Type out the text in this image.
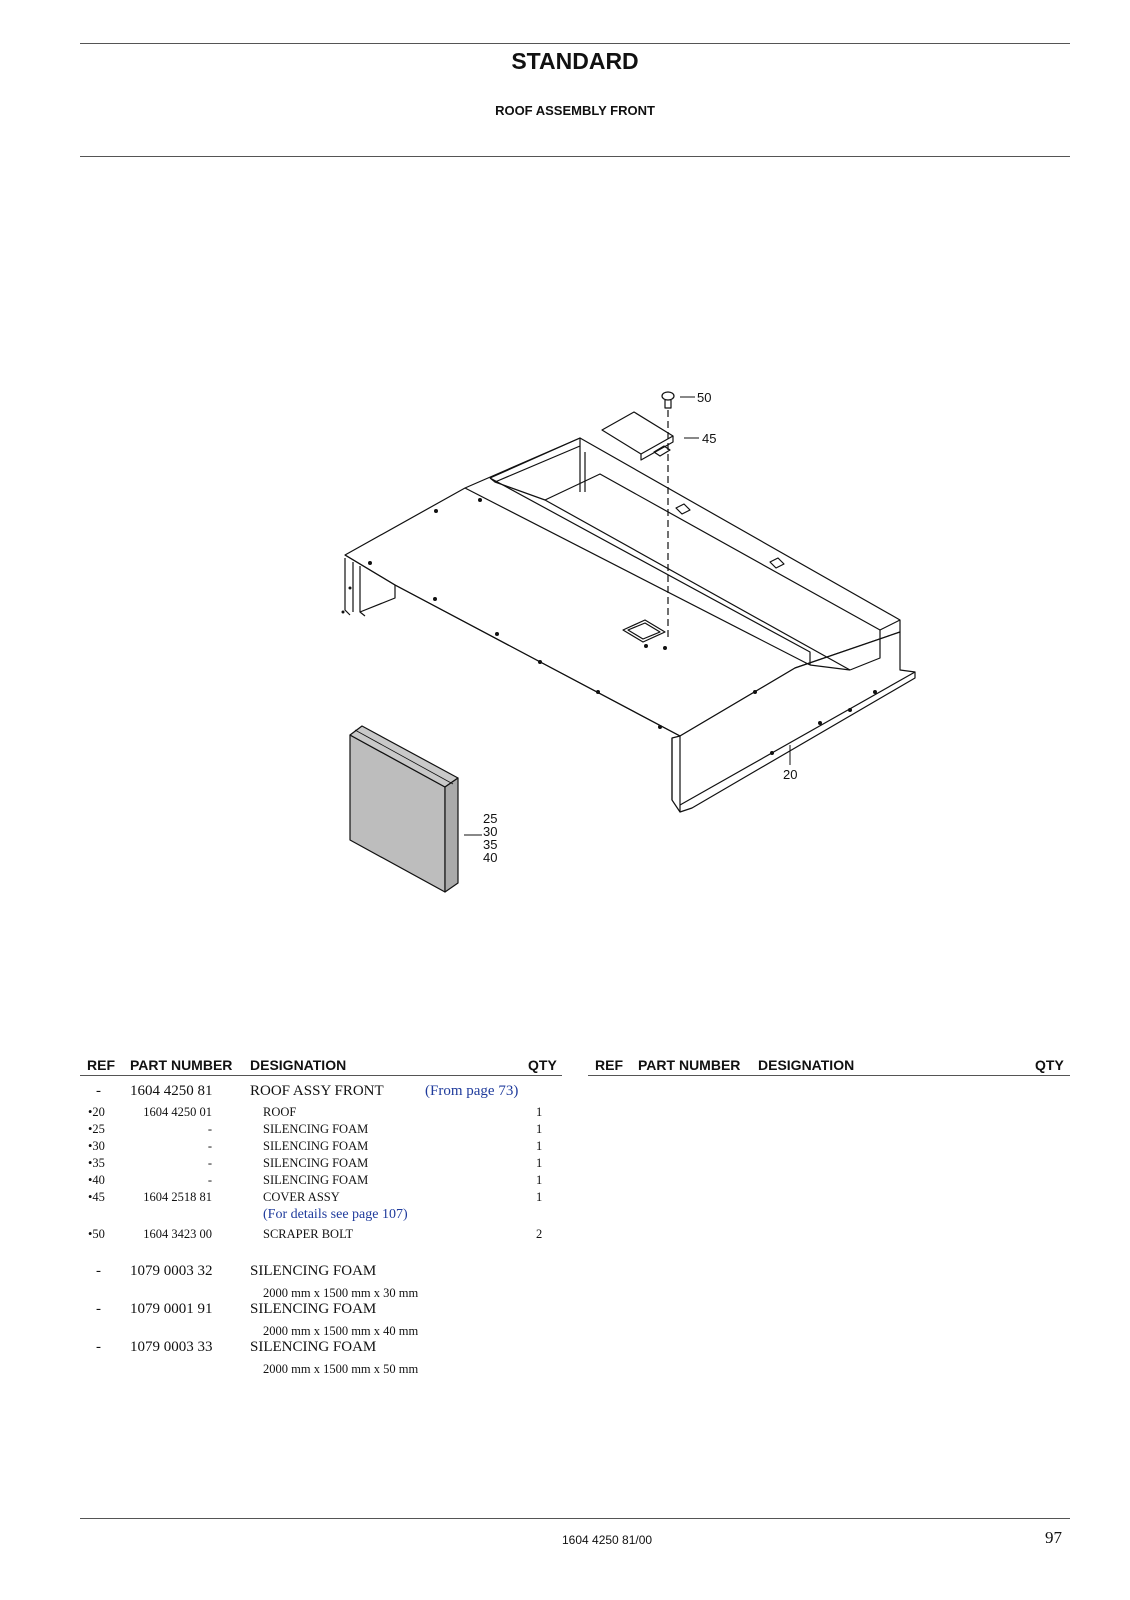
STANDARD
ROOF ASSEMBLY FRONT
50
45
20
25
30
35
40
REF PART NUMBER DESIGNATION	QTY	REF PART NUMBER DESIGNATION	QTY
- 1604 4250 81	ROOF ASSY FRONT	(From page 73)
•20	1604 4250 01	ROOF	1
•25	-	SILENCING FOAM	1
•30	-	SILENCING FOAM	1
•35	-	SILENCING FOAM	1
•40	-	SILENCING FOAM	1
•45	1604 2518 81	COVER ASSY	1
(For details see page 107)
•50	1604 3423 00	SCRAPER BOLT	2
- 1079 0003 32	SILENCING FOAM
2000 mm x 1500 mm x 30 mm
- 1079 0001 91	SILENCING FOAM
2000 mm x 1500 mm x 40 mm
- 1079 0003 33	SILENCING FOAM
2000 mm x 1500 mm x 50 mm
1604 4250 81/00	97
